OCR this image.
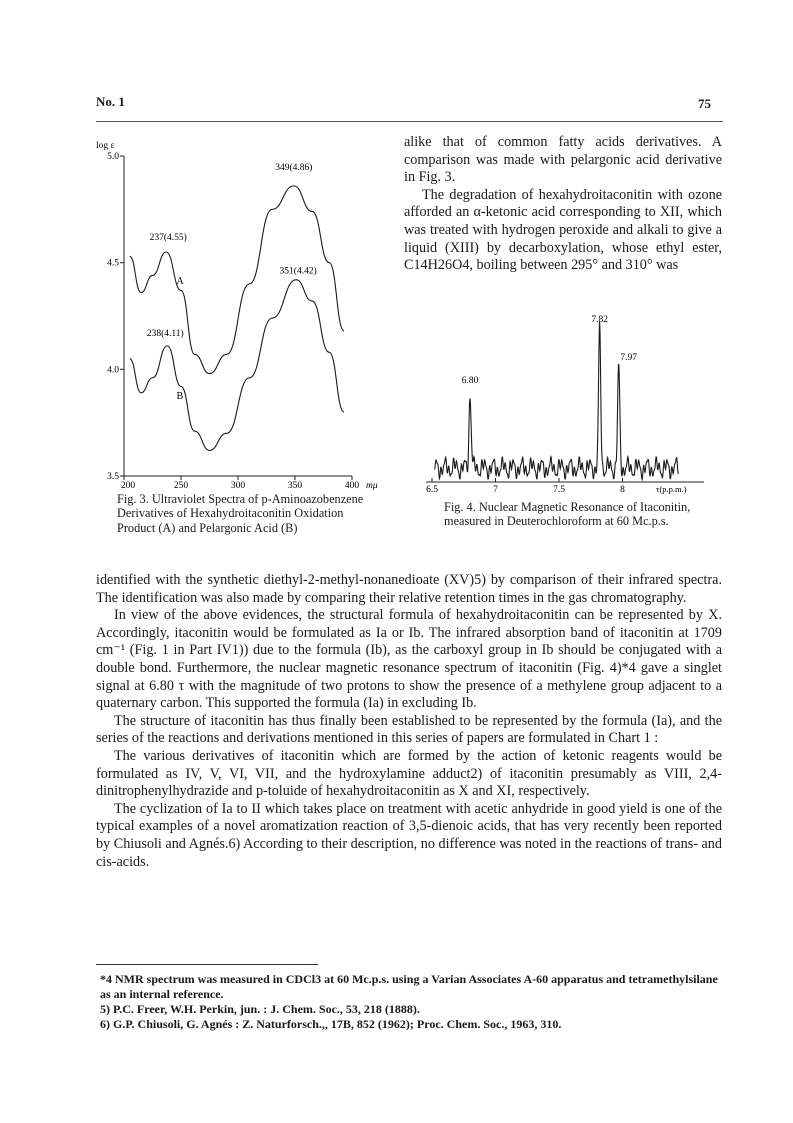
No. 1	75
log ε
5.0
4.5
4.0
3.5
200	250	300	350	400 mμ
349(4.86)
351(4.42)
237(4.55)
238(4.11)
A
B
Fig. 3. Ultraviolet Spectra of p-Aminoazobenzene Derivatives of Hexahydroitaconitin Oxidation Product (A) and Pelargonic Acid (B)
alike that of common fatty acids derivatives. A comparison was made with pelargonic acid derivative in Fig. 3.
The degradation of hexahydroitaconitin with ozone afforded an α-ketonic acid corresponding to XII, which was treated with hydrogen peroxide and alkali to give a liquid (XIII) by decarboxylation, whose ethyl ester, C14H26O4, boiling between 295° and 310° was
6.5	7	7.5	8	τ(p.p.m.)
6.80
7.82
7.97
Fig. 4. Nuclear Magnetic Resonance of Itaconitin, measured in Deuterochloroform at 60 Mc.p.s.
identified with the synthetic diethyl-2-methyl-nonanedioate (XV)5) by comparison of their infrared spectra. The identification was also made by comparing their relative retention times in the gas chromatography.
In view of the above evidences, the structural formula of hexahydroitaconitin can be represented by X. Accordingly, itaconitin would be formulated as Ia or Ib. The infrared absorption band of itaconitin at 1709 cm⁻¹ (Fig. 1 in Part IV1)) due to the formula (Ib), as the carboxyl group in Ib should be conjugated with a double bond. Furthermore, the nuclear magnetic resonance spectrum of itaconitin (Fig. 4)*4 gave a singlet signal at 6.80 τ with the magnitude of two protons to show the presence of a methylene group adjacent to a quaternary carbon. This supported the formula (Ia) in excluding Ib.
The structure of itaconitin has thus finally been established to be represented by the formula (Ia), and the series of the reactions and derivations mentioned in this series of papers are formulated in Chart 1 :
The various derivatives of itaconitin which are formed by the action of ketonic reagents would be formulated as IV, V, VI, VII, and the hydroxylamine adduct2) of itaconitin presumably as VIII, 2,4-dinitrophenylhydrazide and p-toluide of hexahydroitaconitin as X and XI, respectively.
The cyclization of Ia to II which takes place on treatment with acetic anhydride in good yield is one of the typical examples of a novel aromatization reaction of 3,5-dienoic acids, that has very recently been reported by Chiusoli and Agnés.6) According to their description, no difference was noted in the reactions of trans- and cis-acids.
*4 NMR spectrum was measured in CDCl3 at 60 Mc.p.s. using a Varian Associates A-60 apparatus and tetramethylsilane as an internal reference.
5) P.C. Freer, W.H. Perkin, jun. : J. Chem. Soc., 53, 218 (1888).
6) G.P. Chiusoli, G. Agnés : Z. Naturforsch.,, 17B, 852 (1962); Proc. Chem. Soc., 1963, 310.
